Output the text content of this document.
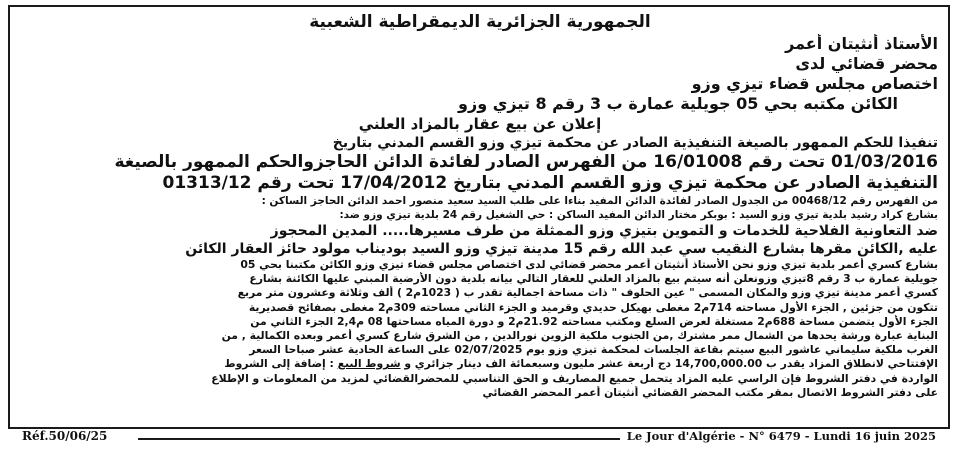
الجمهورية الجزائرية الديمقراطية الشعبية
الأستاذ أنثيتان أعمر
محضر قضائي لدى
اختصاص مجلس قضاء تيزي وزو
الكائن مكتبه بحي 05 جويلية عمارة ب 3 رقم 8 تيزي وزو
إعلان عن بيع عقار بالمزاد العلني
تنفيذا للحكم الممهور بالصيغة التنفيذية الصادر عن محكمة تيزي وزو القسم المدني بتاريخ
01/03/2016 تحت رقم 16/01008 من الفهرس الصادر لفائدة الدائن الحاجزوالحكم الممهور بالصيغة
التنفيذية الصادر عن محكمة تيزي وزو القسم المدني بتاريخ 17/04/2012 تحت رقم 01313/12
من الفهرس رقم 00468/12 من الجدول الصادر لفائدة الدائن المفيد بناءا على طلب السيد سعيد منصور احمد الدائن الحاجز الساكن :
بشارع كراد رشيد بلدية تيزي وزو السيد : بوبكر مختار الدائن المفيد الساكن : حي الشغيل رقم 24 بلدية تيزي وزو ضد:
ضد التعاونية الفلاحية للخدمات و التموين بتيزي وزو الممثلة من طرف مسيرها..... المدين المحجوز
عليه ,الكائن مقرها بشارع النقيب سي عبد الله رقم 15 مدينة تيزي وزو السيد بوديناب مولود حائز العقار الكائن
بشارع كسري أعمر بلدية تيزي وزو نحن الأستاذ أنثيتان أعمر محضر قضائي لدى اختصاص مجلس قضاء تيزي وزو الكائن مكتبنا بحي 05
جويلية عمارة ب 3 رقم 8تيزي وزونعلن أنه سيتم بيع بالمزاد العلني للعقار التالي بيانه بلدية دون الأرضية المبني عليها الكائنة بشارع
كسري أعمر مدينة تيزي وزو والمكان المسمى " عين الحلوف " ذات مساحة اجمالية تقدر ب ( 1023م2 ) ألف وثلاثة وعشرون متر مربع
تتكون من جزئين , الجزء الأول مساحته 714م2 مغطى بهيكل حديدي وقرميد و الجزء الثاني مساحته 309م2 مغطى بصفائح قصديرية
الجزء الأول يتضمن مساحة 688م2 مستغلة لعرض السلع ومكتب مساحته 21.92م2 و دورة المياه مساحتها 08 م2,4 الجزء الثاني من
البناية عبارة ورشة يحدها من الشمال ممر مشترك ,من الجنوب ملكية الزوين نورالدين , من الشرق شارع كسري أعمر وبعده الكمالية , من
الغرب ملكية سليماني عاشور البيع سيتم بقاعة الجلسات لمحكمة تيزي وزو يوم 02/07/2025 على الساعة الحادية عشر صباحا السعر
الإفتتاحي لانطلاق المزاد يقدر ب 14,700,000.00 دج أربعة عشر مليون وسبعمائة الف دينار جزائري و شروط البيع : إضافة إلى الشروط
الواردة في دفتر الشروط فإن الراسي عليه المزاد يتحمل جميع المصاريف و الحق التناسبي للمحضرالقضائي لمزيد من المعلومات و الإطلاع
على دفتر الشروط الاتصال بمقر مكتب المحضر القضائي أنثيتان أعمر المحضر القضائي
Réf.50/06/25	Le Jour d'Algérie - N° 6479 - Lundi 16 juin 2025
